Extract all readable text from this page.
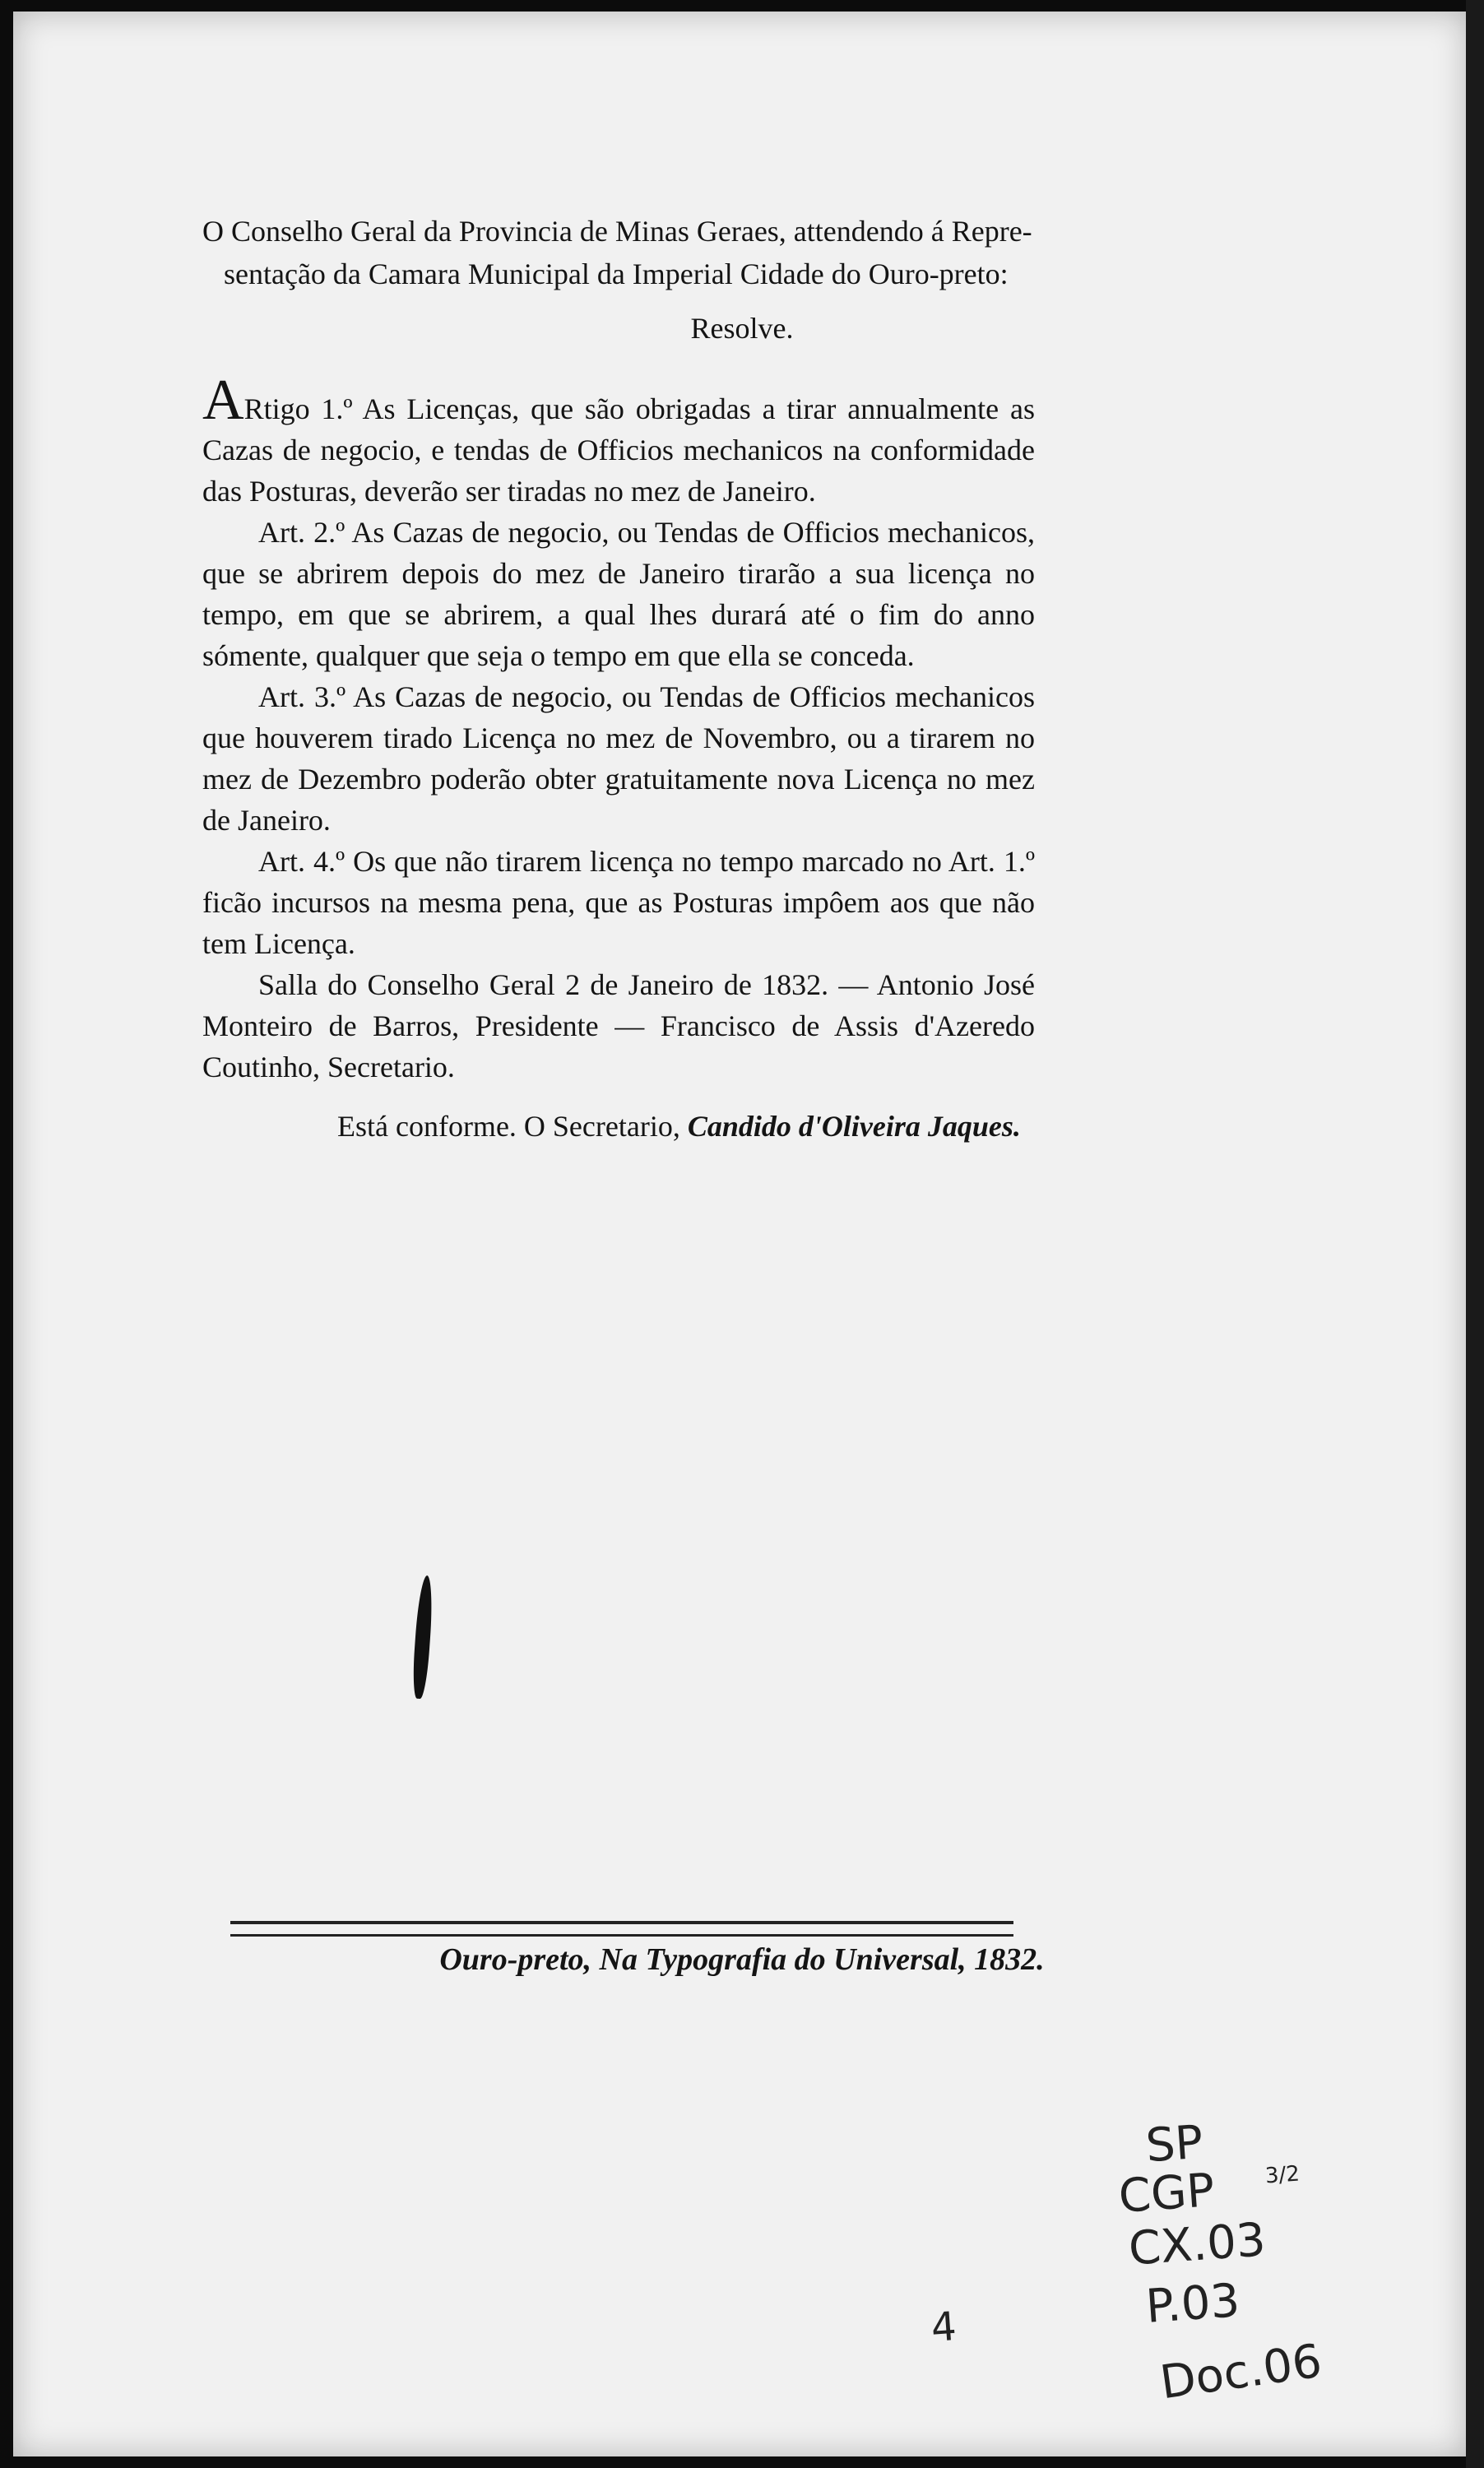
O Conselho Geral da Provincia de Minas Geraes, attendendo á Repre-
sentação da Camara Municipal da Imperial Cidade do Ouro-preto:
Resolve.

ARtigo 1.º As Licenças, que são obrigadas a tirar annualmente as Cazas de negocio, e tendas de Officios mechanicos na conformidade das Posturas, deverão ser tiradas no mez de Janeiro.

Art. 2.º As Cazas de negocio, ou Tendas de Officios mechanicos, que se abrirem depois do mez de Janeiro tirarão a sua licença no tempo, em que se abrirem, a qual lhes durará até o fim do anno sómente, qualquer que seja o tempo em que ella se conceda.

Art. 3.º As Cazas de negocio, ou Tendas de Officios mechanicos que houverem tirado Licença no mez de Novembro, ou a tirarem no mez de Dezembro poderão obter gratuitamente nova Licença no mez de Janeiro.

Art. 4.º Os que não tirarem licença no tempo marcado no Art. 1.º ficão incursos na mesma pena, que as Posturas impôem aos que não tem Licença.

Salla do Conselho Geral 2 de Janeiro de 1832. — Antonio José Monteiro de Barros, Presidente — Francisco de Assis d'Azeredo Coutinho, Secretario.

Está conforme. O Secretario, Candido d'Oliveira Jaques.
Ouro-preto, Na Typografia do Universal, 1832.
SP
CGP 3/2
CX.03
P.03
Doc.06
4
